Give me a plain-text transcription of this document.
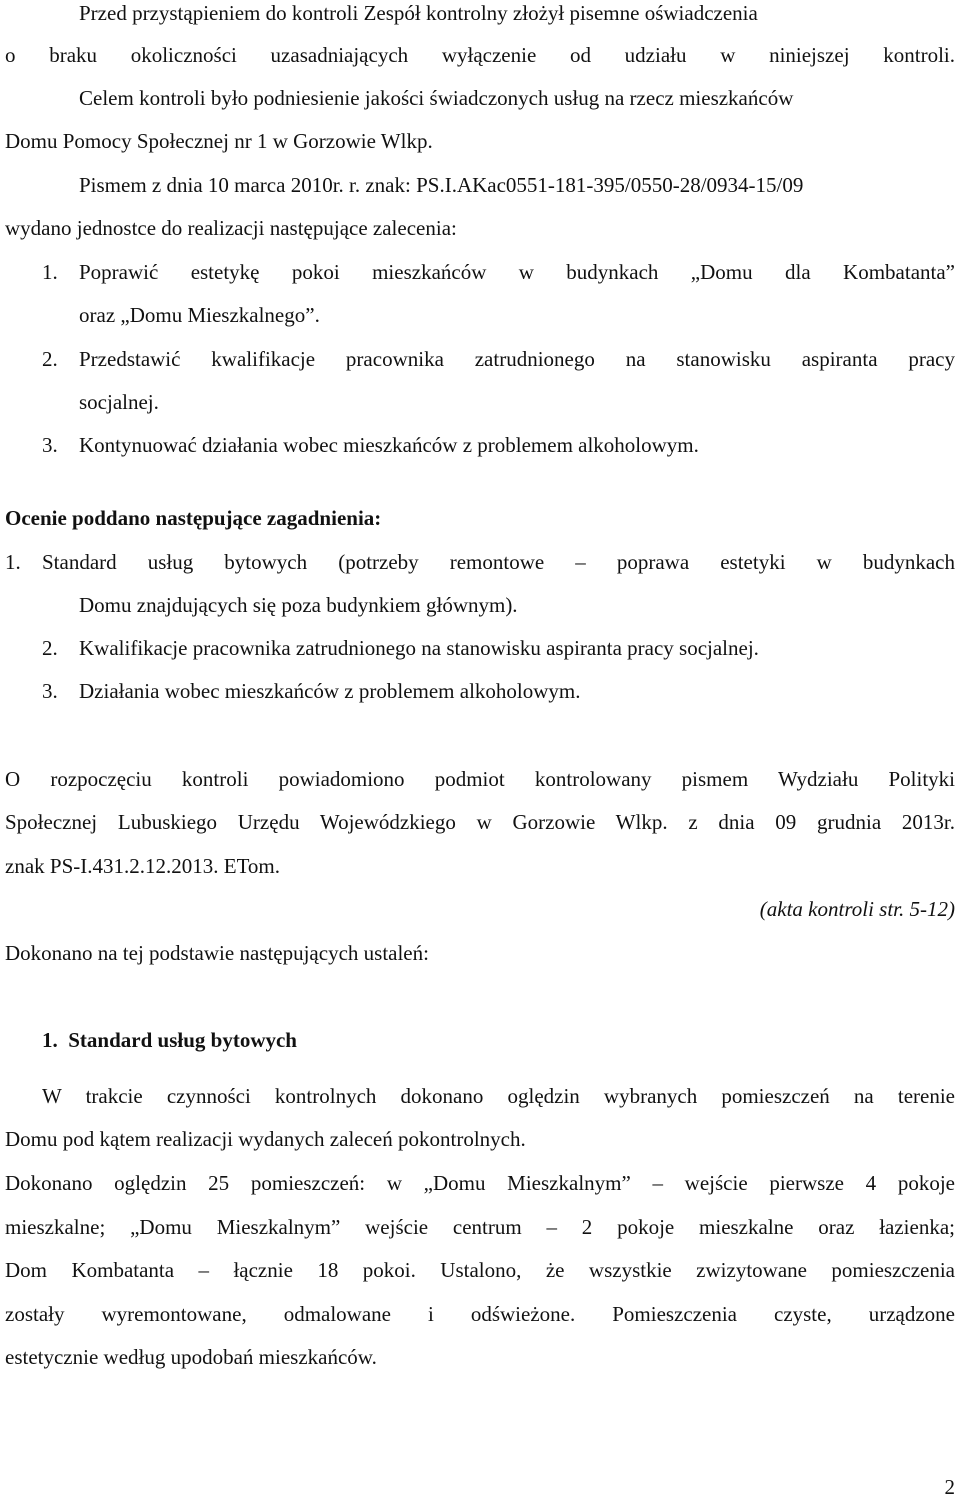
Przed przystąpieniem do kontroli Zespół kontrolny złożył pisemne oświadczenia
o braku okoliczności uzasadniających wyłączenie od udziału w niniejszej kontroli.
Celem kontroli było podniesienie jakości świadczonych usług na rzecz mieszkańców
Domu Pomocy Społecznej nr 1 w Gorzowie Wlkp.
Pismem z dnia 10 marca 2010r. r. znak: PS.I.AKac0551-181-395/0550-28/0934-15/09
wydano jednostce do realizacji następujące zalecenia:
1. Poprawić estetykę pokoi mieszkańców w budynkach „Domu dla Kombatanta”
oraz „Domu Mieszkalnego”.
2. Przedstawić kwalifikacje pracownika zatrudnionego na stanowisku aspiranta pracy
socjalnej.
3. Kontynuować działania wobec mieszkańców z problemem alkoholowym.
Ocenie poddano następujące zagadnienia:
1. Standard usług bytowych (potrzeby remontowe – poprawa estetyki w budynkach
Domu znajdujących się poza budynkiem głównym).
2. Kwalifikacje pracownika zatrudnionego na stanowisku aspiranta pracy socjalnej.
3. Działania wobec mieszkańców z problemem alkoholowym.
O rozpoczęciu kontroli powiadomiono podmiot kontrolowany pismem Wydziału Polityki
Społecznej Lubuskiego Urzędu Wojewódzkiego w Gorzowie Wlkp. z dnia 09 grudnia 2013r.
znak PS-I.431.2.12.2013. ETom.
(akta kontroli str. 5-12)
Dokonano na tej podstawie następujących ustaleń:
1.  Standard usług bytowych
W trakcie czynności kontrolnych dokonano oględzin wybranych pomieszczeń na terenie
Domu pod kątem realizacji wydanych zaleceń pokontrolnych.
Dokonano oględzin 25 pomieszczeń: w „Domu Mieszkalnym” – wejście pierwsze 4 pokoje
mieszkalne; „Domu Mieszkalnym” wejście centrum – 2 pokoje mieszkalne oraz łazienka;
Dom Kombatanta – łącznie 18 pokoi. Ustalono, że wszystkie zwizytowane pomieszczenia
zostały wyremontowane, odmalowane i odświeżone. Pomieszczenia czyste, urządzone
estetycznie według upodobań mieszkańców.
2
